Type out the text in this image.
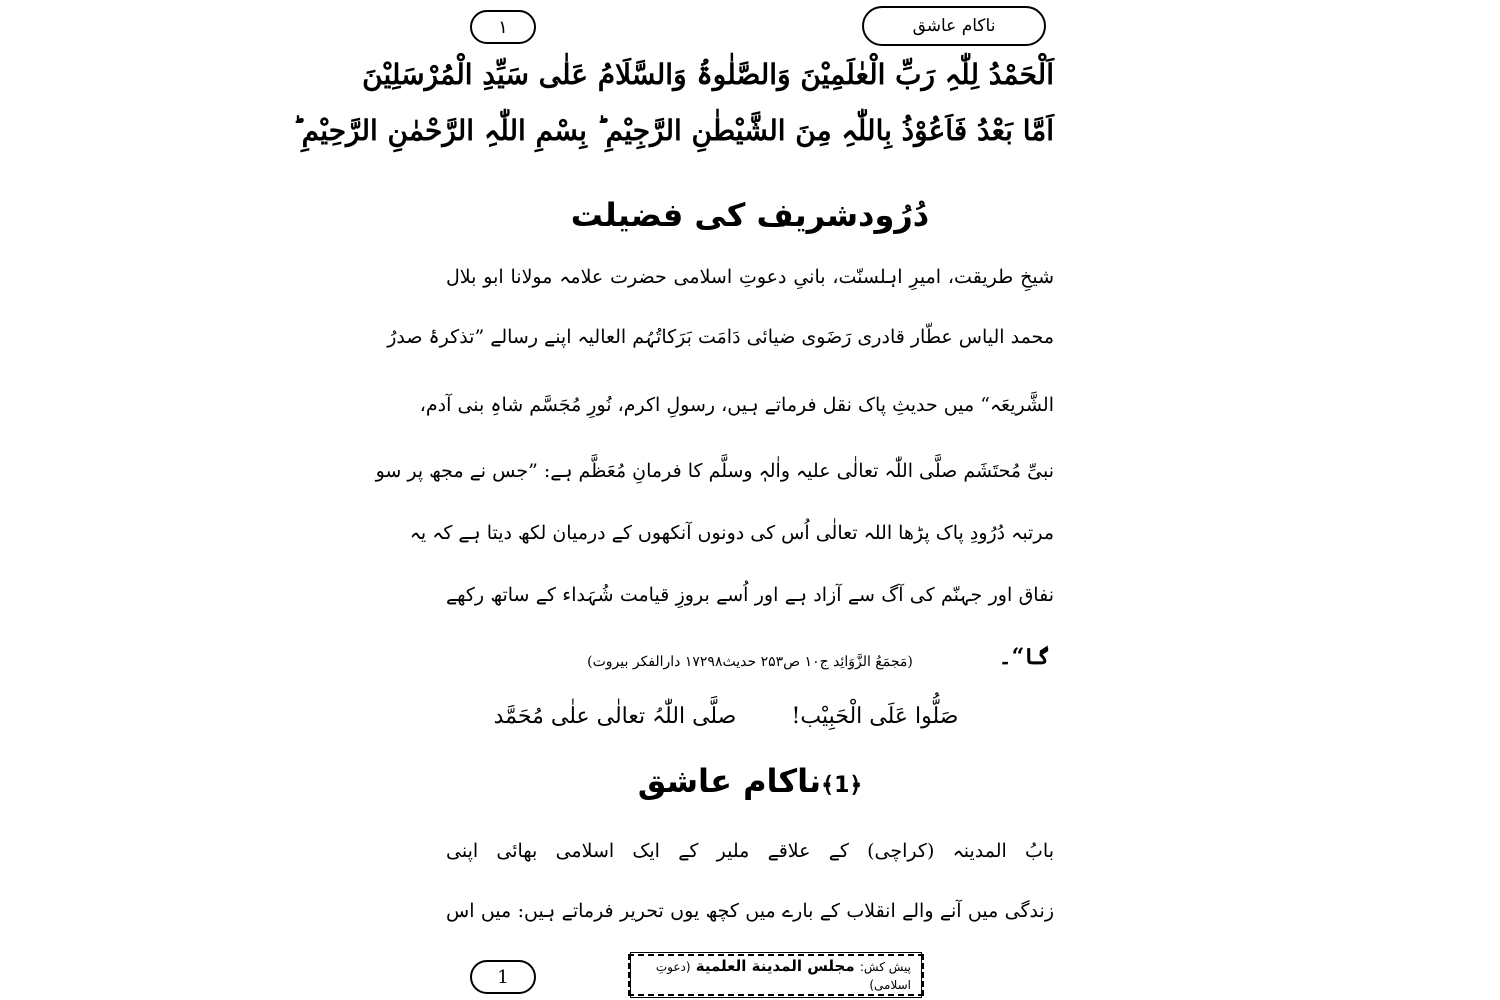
ناکام عاشق
۱
اَلْحَمْدُ لِلّٰہِ رَبِّ الْعٰلَمِیْنَ وَالصَّلٰوۃُ وَالسَّلَامُ عَلٰی سَیِّدِ الْمُرْسَلِیْنَ
اَمَّا بَعْدُ فَاَعُوْذُ بِاللّٰہِ مِنَ الشَّیْطٰنِ الرَّجِیْمِ ؕ بِسْمِ اللّٰہِ الرَّحْمٰنِ الرَّحِیْمِ ؕ
دُرُودشریف کی فضیلت
شیخِ طریقت، امیرِ اہلسنّت، بانیِ دعوتِ اسلامی حضرت علامہ مولانا ابو بلال
محمد الیاس عطّار قادری رَضَوی ضیائی دَامَت بَرَکاتُہُم العالیہ اپنے رسالے ”تذکرۂ صدرُ
الشَّریعَہ“ میں حدیثِ پاک نقل فرماتے ہیں، رسولِ اکرم، نُورِ مُجَسَّم شاہِ بنی آدم،
نبیِّ مُحتَشَم صلَّی اللّٰہ تعالٰی علیہ واٰلہٖ وسلَّم کا فرمانِ مُعَظَّم ہے: ”جس نے مجھ پر سو
مرتبہ دُرُودِ پاک پڑھا اللہ تعالٰی اُس کی دونوں آنکھوں کے درمیان لکھ دیتا ہے کہ یہ
نفاق اور جہنّم کی آگ سے آزاد ہے اور اُسے بروزِ قیامت شُہَداء کے ساتھ رکھے
گا“۔
(مَجمَعُ الزَّوَائِد ج۱۰ ص۲۵۳ حدیث۱۷۲۹۸ دارالفکر بیروت)
صَلُّوا عَلَی الْحَبِیْب!
صلَّی اللّٰہُ تعالٰی علٰی مُحَمَّد
﴿1﴾ناکام عاشق
بابُ المدینہ (کراچی) کے علاقے ملیر کے ایک اسلامی بھائی اپنی
زندگی میں آنے والے انقلاب کے بارے میں کچھ یوں تحریر فرماتے ہیں: میں اس
1	پیش کش: مجلس المدینة العلمیة (دعوتِ اسلامی)
